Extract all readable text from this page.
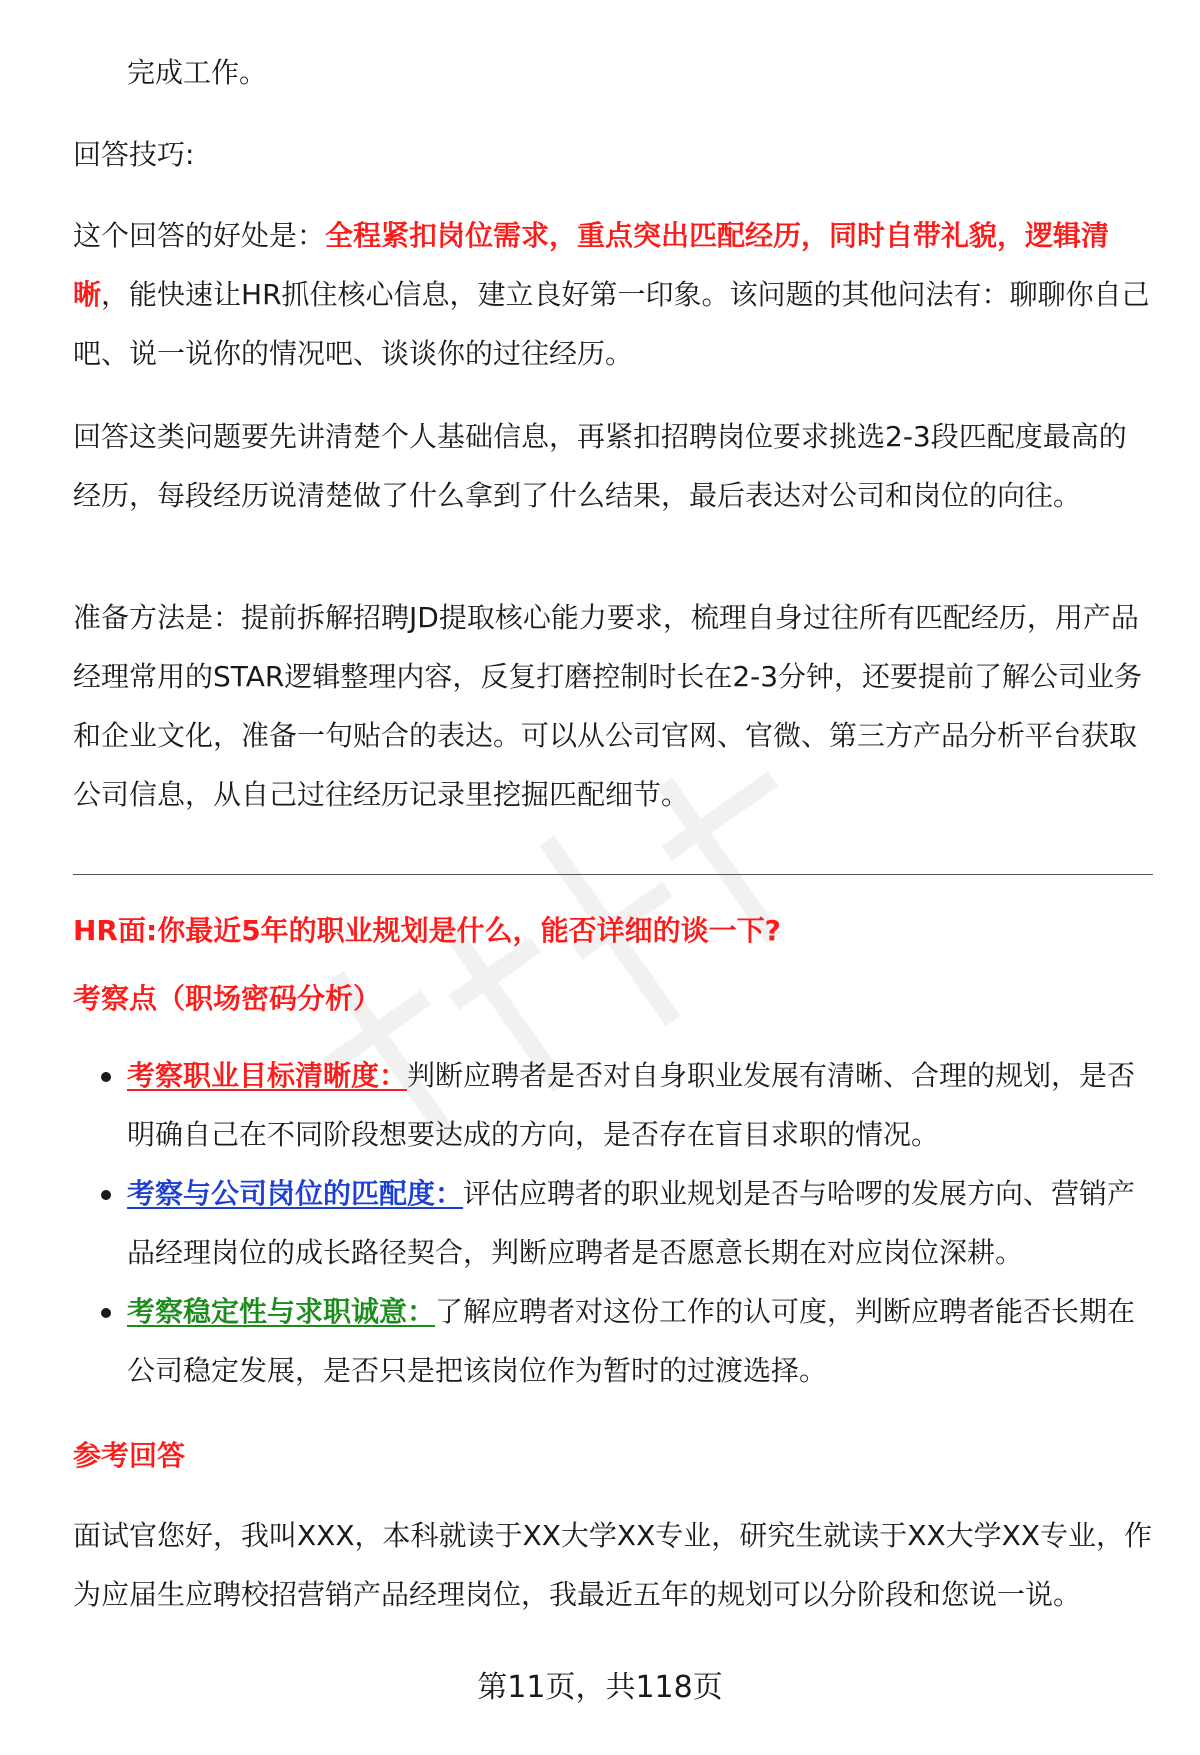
完成工作。

回答技巧:

这个回答的好处是：全程紧扣岗位需求，重点突出匹配经历，同时自带礼貌，逻辑清晰，能快速让HR抓住核心信息，建立良好第一印象。该问题的其他问法有：聊聊你自己吧、说一说你的情况吧、谈谈你的过往经历。

回答这类问题要先讲清楚个人基础信息，再紧扣招聘岗位要求挑选2-3段匹配度最高的经历，每段经历说清楚做了什么拿到了什么结果，最后表达对公司和岗位的向往。

准备方法是：提前拆解招聘JD提取核心能力要求，梳理自身过往所有匹配经历，用产品经理常用的STAR逻辑整理内容，反复打磨控制时长在2-3分钟，还要提前了解公司业务和企业文化，准备一句贴合的表达。可以从公司官网、官微、第三方产品分析平台获取公司信息，从自己过往经历记录里挖掘匹配细节。

HR面:你最近5年的职业规划是什么，能否详细的谈一下?

考察点（职场密码分析）

考察职业目标清晰度：判断应聘者是否对自身职业发展有清晰、合理的规划，是否明确自己在不同阶段想要达成的方向，是否存在盲目求职的情况。
考察与公司岗位的匹配度：评估应聘者的职业规划是否与哈啰的发展方向、营销产品经理岗位的成长路径契合，判断应聘者是否愿意长期在对应岗位深耕。
考察稳定性与求职诚意：了解应聘者对这份工作的认可度，判断应聘者能否长期在公司稳定发展，是否只是把该岗位作为暂时的过渡选择。

参考回答

面试官您好，我叫XXX，本科就读于XX大学XX专业，研究生就读于XX大学XX专业，作为应届生应聘校招营销产品经理岗位，我最近五年的规划可以分阶段和您说一说。

第11页，共118页
